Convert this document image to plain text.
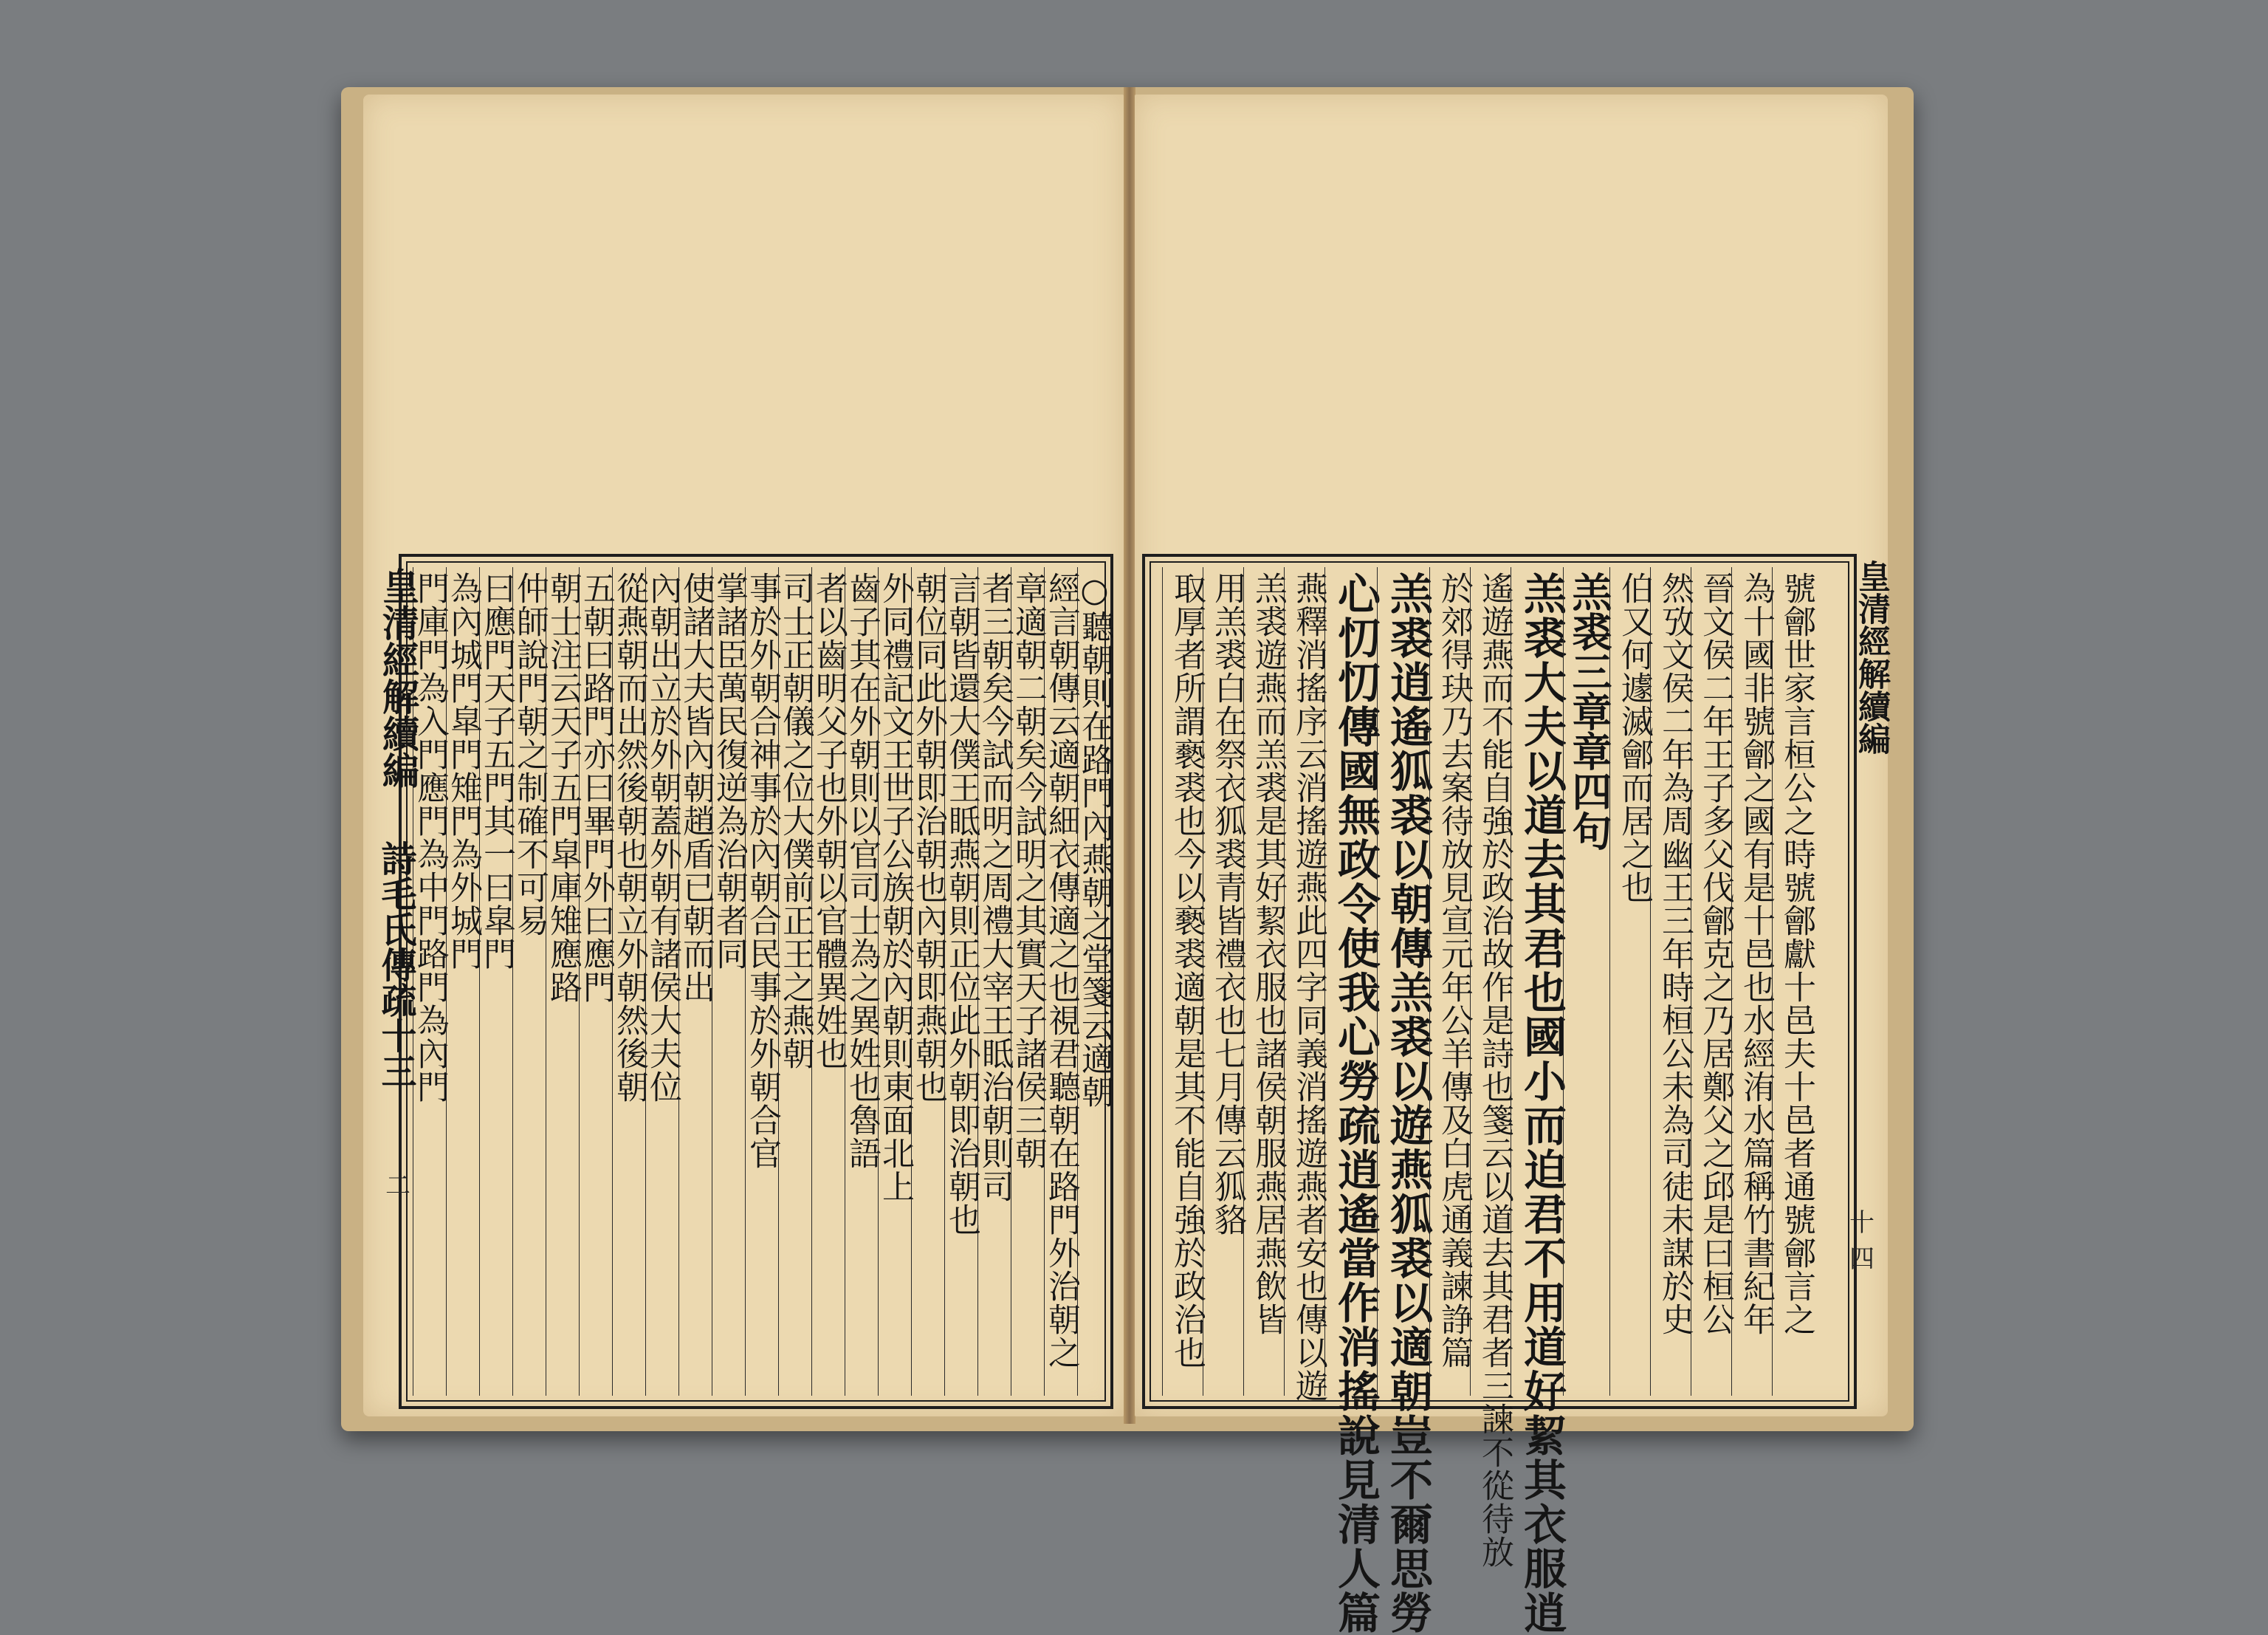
○聽朝則在路門內燕朝之堂箋云適朝
經言朝傳云適朝細衣傳適之也視君聽朝在路門外治朝之
章適朝二朝矣今試明之其實天子諸侯三朝
者三朝矣今試而明之周禮大宰王眡治朝則司
言朝皆還大僕王眡燕朝則正位此外朝即治朝也
朝位同此外朝即治朝也內朝即燕朝也
外同禮記文王世子公族朝於內朝則東面北上
齒子其在外朝則以官司士為之異姓也魯語
者以齒明父子也外朝以官體異姓也
司士正朝儀之位大僕前正王之燕朝
事於外朝合神事於內朝合民事於外朝合官
掌諸臣萬民復逆為治朝者同
使諸大夫皆內朝趙盾已朝而出
內朝出立於外朝蓋外朝有諸侯大夫位
從燕朝而出然後朝也朝立外朝然後朝
五朝曰路門亦曰畢門外曰應門
朝士注云天子五門皐庫雉應路
仲師說門朝之制確不可易
曰應門天子五門其一曰皐門
為內城門皐門雉門為外城門
門庫門為入門應門為中門路門為內門
皇清經解續編
詩毛氏傳疏十三
二	號鄶世家言桓公之時號鄶獻十邑夫十邑者通號鄶言之
為十國非號鄶之國有是十邑也水經洧水篇稱竹書紀年
晉文侯二年王子多父伐鄶克之乃居鄭父之邱是曰桓公
然攷文侯二年為周幽王三年時桓公未為司徒未謀於史
伯又何遽滅鄶而居之也
羔裘三章章四句
羔裘大夫以道去其君也國小而迫君不用道好絜其衣服逍
遙遊燕而不能自強於政治故作是詩也箋云以道去其君者三諫不從待放
於郊得玦乃去案待放見宣元年公羊傳及白虎通義諫諍篇
羔裘逍遙狐裘以朝傳羔裘以遊燕狐裘以適朝豈不爾思勞
心忉忉傳國無政令使我心勞疏逍遙當作消搖說見清人篇
燕釋消搖序云消搖遊燕此四字同義消搖遊燕者安也傳以遊
羔裘遊燕而羔裘是其好絜衣服也諸侯朝服燕居燕飲皆
用羔裘白在祭衣狐裘青皆禮衣也七月傳云狐貉
取厚者所謂褻裘也今以褻裘適朝是其不能自強於政治也	皇清經解續編
十四
